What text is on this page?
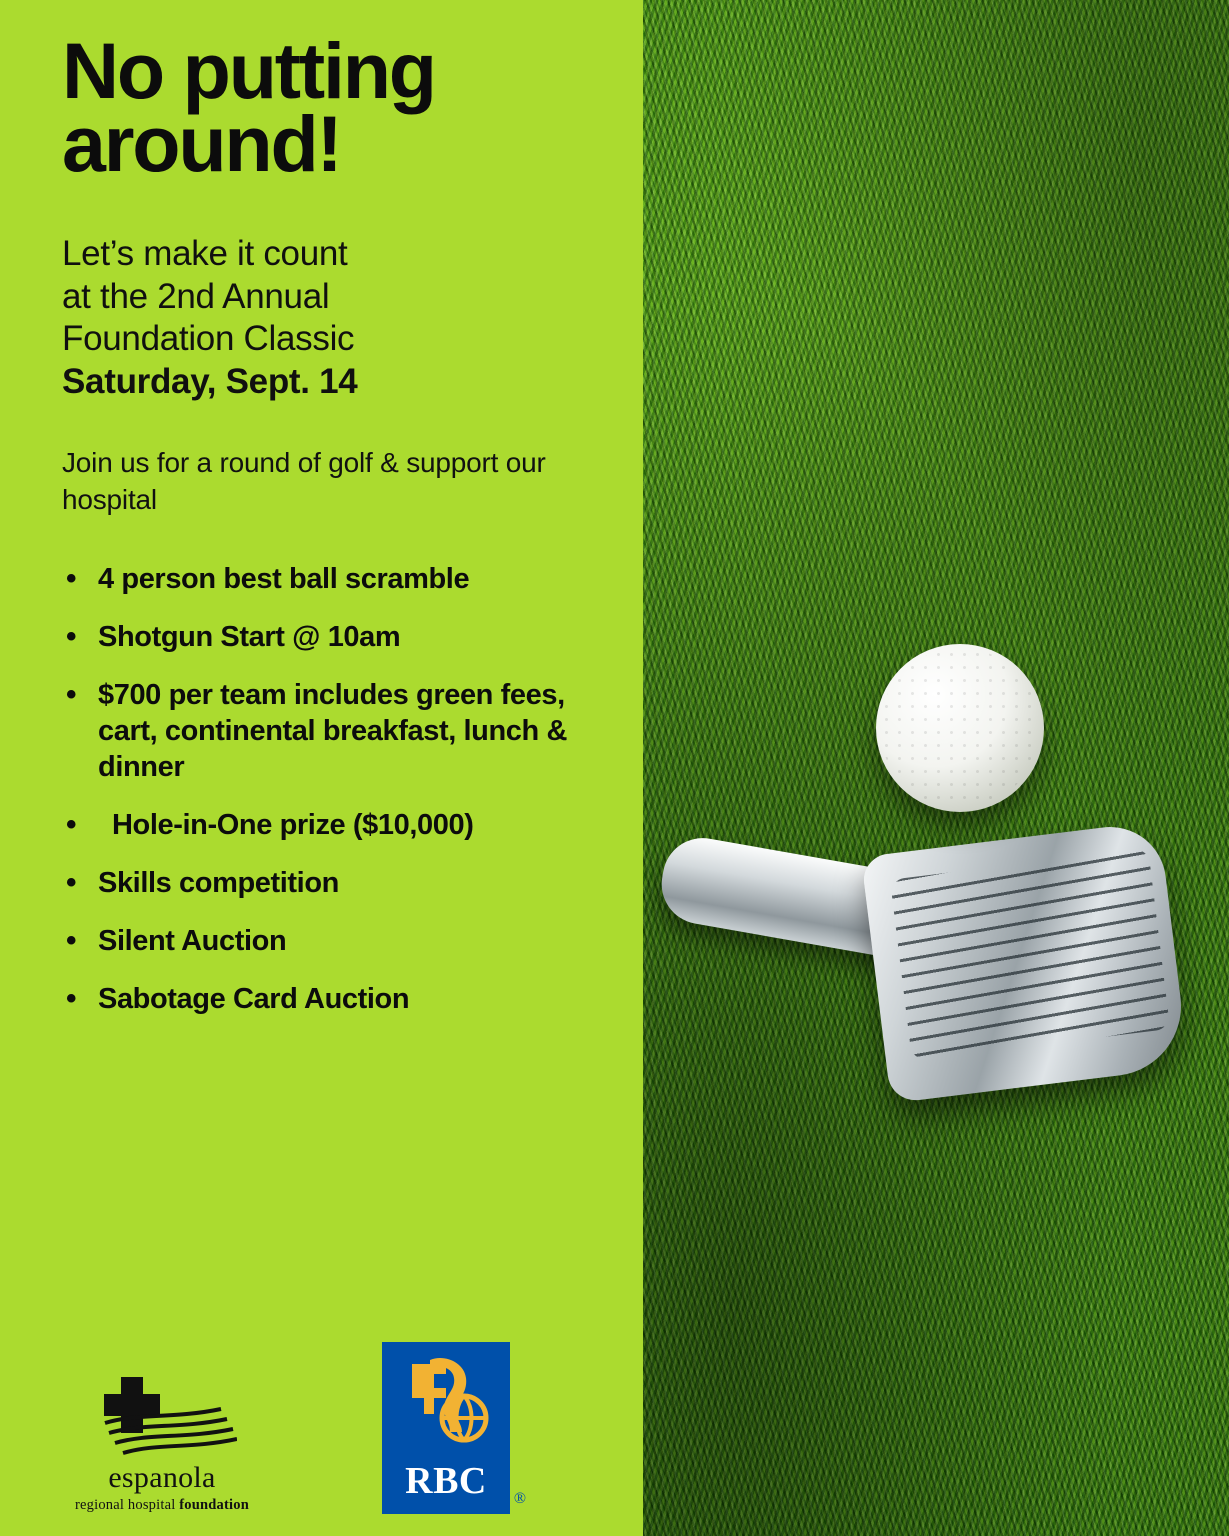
No putting around!
Let’s make it count
at the 2nd Annual
Foundation Classic
Saturday, Sept. 14

Join us for a round of golf & support our hospital

• 4 person best ball scramble
• Shotgun Start @ 10am
• $700 per team includes green fees, cart, continental breakfast, lunch & dinner
• Hole-in-One prize ($10,000)
• Skills competition
• Silent Auction
• Sabotage Card Auction
espanola
regional hospital foundation
RBC ®
